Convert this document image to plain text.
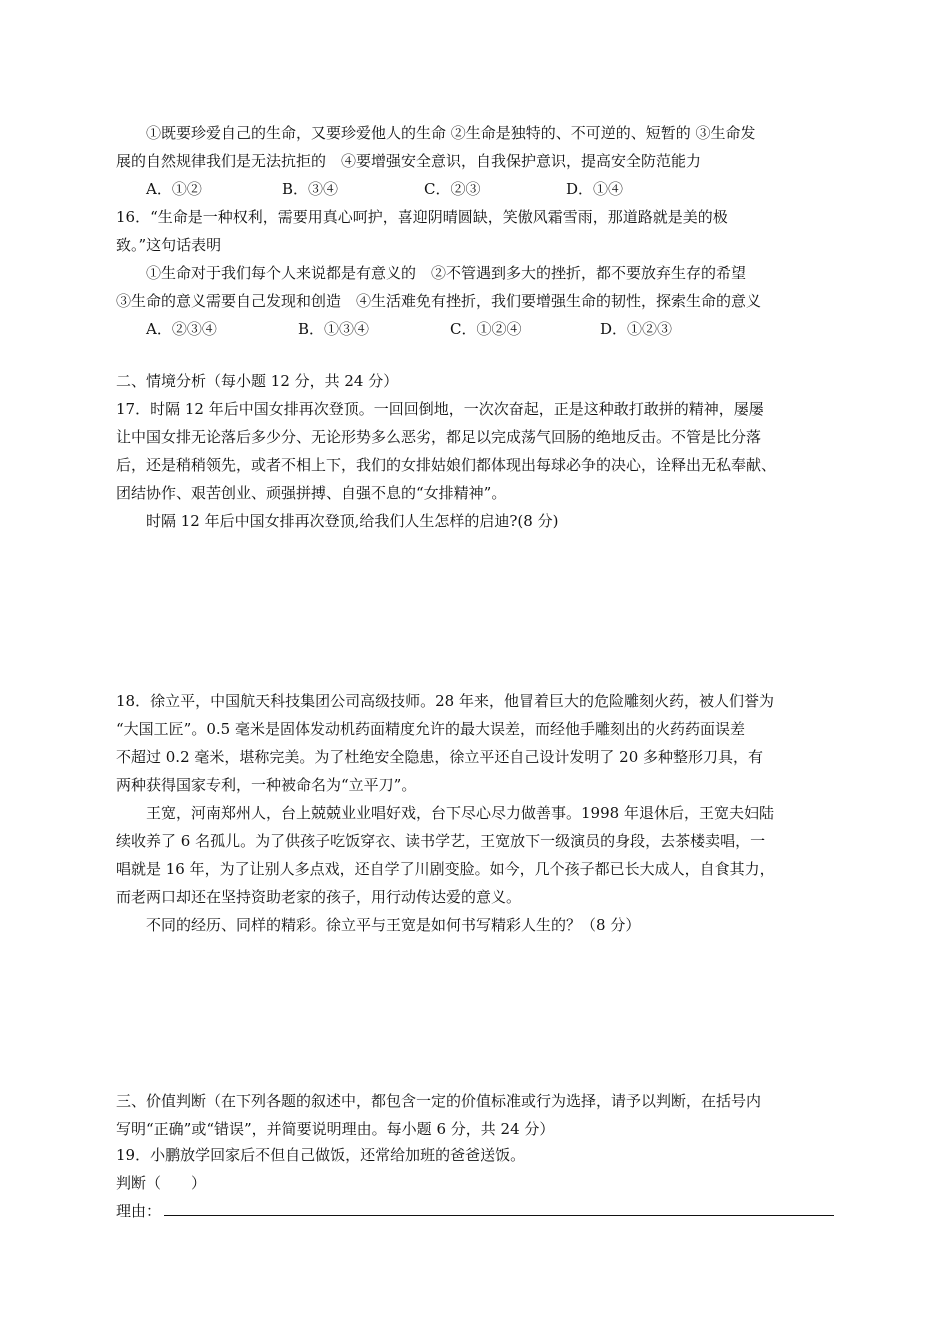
①既要珍爱自己的生命，又要珍爱他人的生命 ②生命是独特的、不可逆的、短暂的 ③生命发
展的自然规律我们是无法抗拒的　④要增强安全意识，自我保护意识，提高安全防范能力
A．①②	B．③④	C．②③	D．①④
16．“生命是一种权利，需要用真心呵护，喜迎阴晴圆缺，笑傲风霜雪雨，那道路就是美的极
致。”这句话表明
①生命对于我们每个人来说都是有意义的　②不管遇到多大的挫折，都不要放弃生存的希望
③生命的意义需要自己发现和创造　④生活难免有挫折，我们要增强生命的韧性，探索生命的意义
A．②③④	B．①③④	C．①②④	D．①②③
二、情境分析（每小题 12 分，共 24 分）
17．时隔 12 年后中国女排再次登顶。一回回倒地，一次次奋起，正是这种敢打敢拼的精神，屡屡
让中国女排无论落后多少分、无论形势多么恶劣，都足以完成荡气回肠的绝地反击。不管是比分落
后，还是稍稍领先，或者不相上下，我们的女排姑娘们都体现出每球必争的决心，诠释出无私奉献、
团结协作、艰苦创业、顽强拼搏、自强不息的“女排精神”。
时隔 12 年后中国女排再次登顶,给我们人生怎样的启迪?(8 分)
18．徐立平，中国航天科技集团公司高级技师。28 年来，他冒着巨大的危险雕刻火药，被人们誉为
“大国工匠”。0.5 毫米是固体发动机药面精度允许的最大误差，而经他手雕刻出的火药药面误差
不超过 0.2 毫米，堪称完美。为了杜绝安全隐患，徐立平还自己设计发明了 20 多种整形刀具，有
两种获得国家专利，一种被命名为“立平刀”。
王宽，河南郑州人，台上兢兢业业唱好戏，台下尽心尽力做善事。1998 年退休后，王宽夫妇陆
续收养了 6 名孤儿。为了供孩子吃饭穿衣、读书学艺，王宽放下一级演员的身段，去茶楼卖唱，一
唱就是 16 年，为了让别人多点戏，还自学了川剧变脸。如今，几个孩子都已长大成人，自食其力，
而老两口却还在坚持资助老家的孩子，用行动传达爱的意义。
不同的经历、同样的精彩。徐立平与王宽是如何书写精彩人生的？（8 分）
三、价值判断（在下列各题的叙述中，都包含一定的价值标准或行为选择，请予以判断，在括号内
写明“正确”或“错误”，并简要说明理由。每小题 6 分，共 24 分）
19．小鹏放学回家后不但自己做饭，还常给加班的爸爸送饭。
判断（　　）
理由：
